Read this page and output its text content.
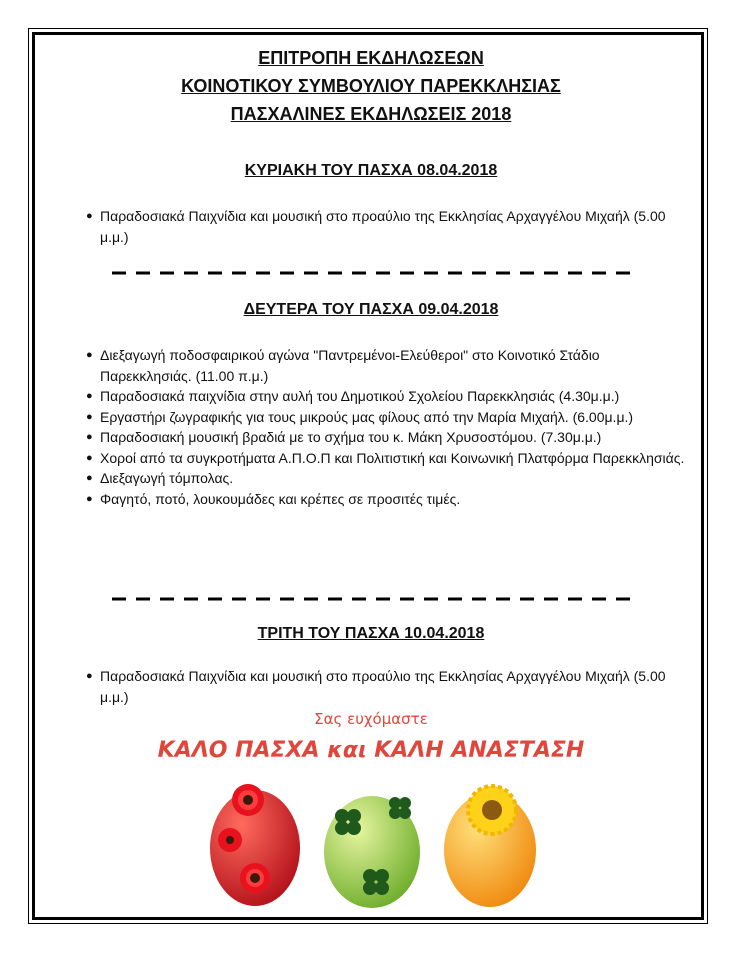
ΕΠΙΤΡΟΠΗ ΕΚΔΗΛΩΣΕΩΝ
ΚΟΙΝΟΤΙΚΟΥ ΣΥΜΒΟΥΛΙΟΥ ΠΑΡΕΚΚΛΗΣΙΑΣ
ΠΑΣΧΑΛΙΝΕΣ ΕΚΔΗΛΩΣΕΙΣ 2018
ΚΥΡΙΑΚΗ ΤΟΥ ΠΑΣΧΑ 08.04.2018
● Παραδοσιακά Παιχνίδια και μουσική στο προαύλιο της Εκκλησίας Αρχαγγέλου Μιχαήλ (5.00 μ.μ.)
ΔΕΥΤΕΡΑ ΤΟΥ ΠΑΣΧΑ 09.04.2018
● Διεξαγωγή ποδοσφαιρικού αγώνα "Παντρεμένοι-Ελεύθεροι" στο Κοινοτικό Στάδιο Παρεκκλησιάς. (11.00 π.μ.)
● Παραδοσιακά παιχνίδια στην αυλή του Δημοτικού Σχολείου Παρεκκλησιάς (4.30μ.μ.)
● Εργαστήρι ζωγραφικής για τους μικρούς μας φίλους από την Μαρία Μιχαήλ. (6.00μ.μ.)
● Παραδοσιακή μουσική βραδιά με το σχήμα του κ. Μάκη Χρυσοστόμου. (7.30μ.μ.)
● Χοροί από τα συγκροτήματα Α.Π.Ο.Π και Πολιτιστική και Κοινωνική Πλατφόρμα Παρεκκλησιάς.
● Διεξαγωγή τόμπολας.
● Φαγητό, ποτό, λουκουμάδες και κρέπες σε προσιτές τιμές.
ΤΡΙΤΗ ΤΟΥ ΠΑΣΧΑ 10.04.2018
● Παραδοσιακά Παιχνίδια και μουσική στο προαύλιο της Εκκλησίας Αρχαγγέλου Μιχαήλ (5.00 μ.μ.)
Σας ευχόμαστε
ΚΑΛΟ ΠΑΣΧΑ και ΚΑΛΗ ΑΝΑΣΤΑΣΗ
